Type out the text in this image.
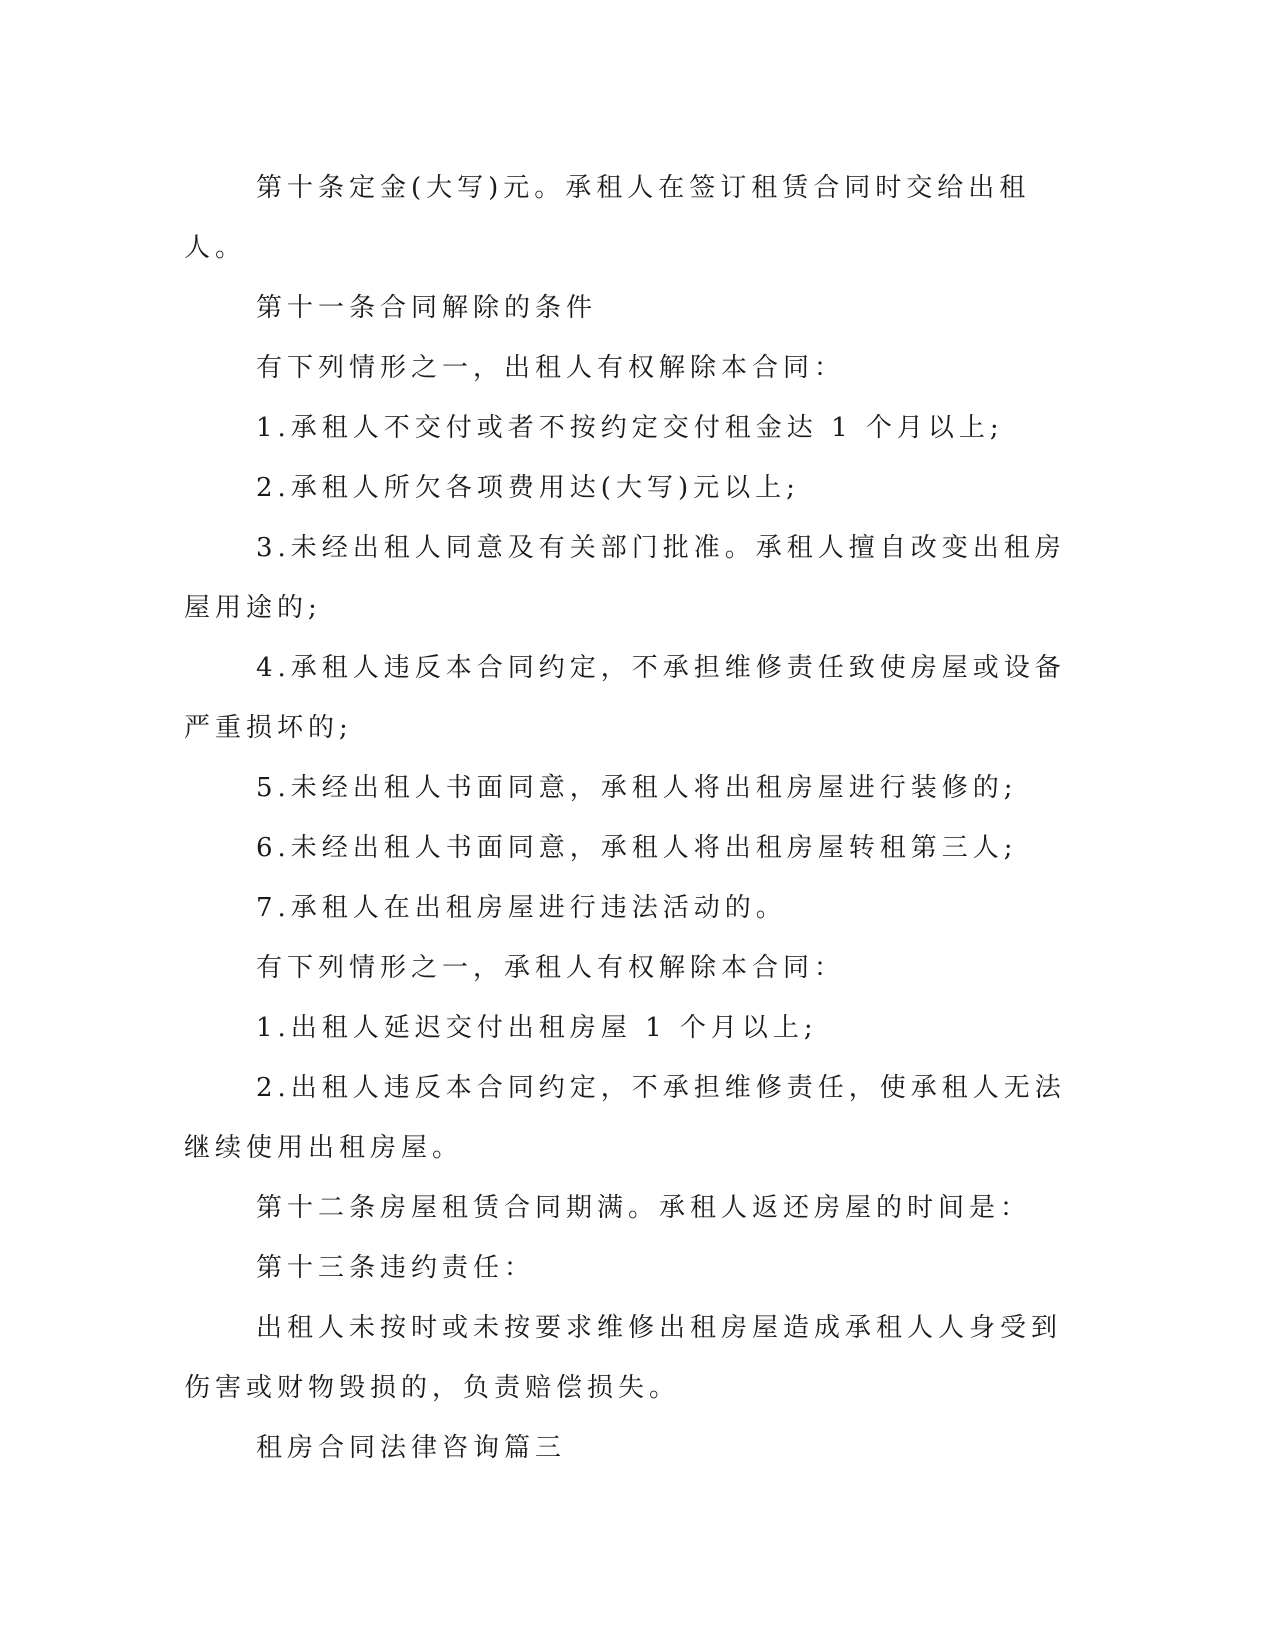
第十条定金(大写)元。承租人在签订租赁合同时交给出租人。

第十一条合同解除的条件

有下列情形之一，出租人有权解除本合同：

1.承租人不交付或者不按约定交付租金达 1 个月以上;

2.承租人所欠各项费用达(大写)元以上;

3.未经出租人同意及有关部门批准。承租人擅自改变出租房屋用途的;

4.承租人违反本合同约定，不承担维修责任致使房屋或设备严重损坏的;

5.未经出租人书面同意，承租人将出租房屋进行装修的;

6.未经出租人书面同意，承租人将出租房屋转租第三人;

7.承租人在出租房屋进行违法活动的。

有下列情形之一，承租人有权解除本合同：

1.出租人延迟交付出租房屋 1 个月以上;

2.出租人违反本合同约定，不承担维修责任，使承租人无法继续使用出租房屋。

第十二条房屋租赁合同期满。承租人返还房屋的时间是：

第十三条违约责任：

出租人未按时或未按要求维修出租房屋造成承租人人身受到伤害或财物毁损的，负责赔偿损失。

租房合同法律咨询篇三
